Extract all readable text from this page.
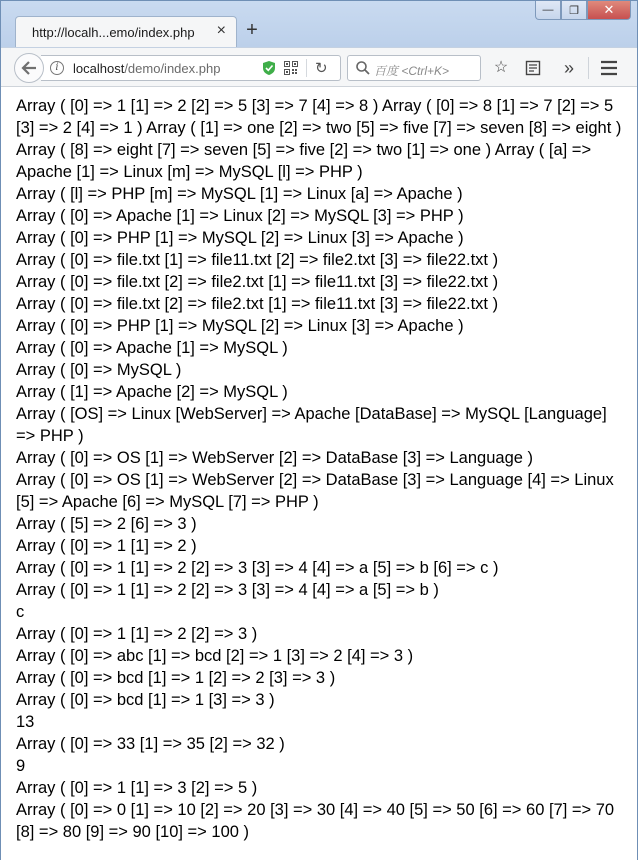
http://localh...emo/index.php × +
—	❐	✕
i	localhost/demo/index.php	↻	百度 <Ctrl+K>	☆	»
Array ( [0] => 1 [1] => 2 [2] => 5 [3] => 7 [4] => 8 ) Array ( [0] => 8 [1] => 7 [2] => 5 [3] => 2 [4] => 1 ) Array ( [1] => one [2] => two [5] => five [7] => seven [8] => eight ) Array ( [8] => eight [7] => seven [5] => five [2] => two [1] => one ) Array ( [a] => Apache [1] => Linux [m] => MySQL [l] => PHP )
Array ( [l] => PHP [m] => MySQL [1] => Linux [a] => Apache )
Array ( [0] => Apache [1] => Linux [2] => MySQL [3] => PHP )
Array ( [0] => PHP [1] => MySQL [2] => Linux [3] => Apache )
Array ( [0] => file.txt [1] => file11.txt [2] => file2.txt [3] => file22.txt )
Array ( [0] => file.txt [2] => file2.txt [1] => file11.txt [3] => file22.txt )
Array ( [0] => file.txt [2] => file2.txt [1] => file11.txt [3] => file22.txt )
Array ( [0] => PHP [1] => MySQL [2] => Linux [3] => Apache )
Array ( [0] => Apache [1] => MySQL )
Array ( [0] => MySQL )
Array ( [1] => Apache [2] => MySQL )
Array ( [OS] => Linux [WebServer] => Apache [DataBase] => MySQL [Language] => PHP )
Array ( [0] => OS [1] => WebServer [2] => DataBase [3] => Language )
Array ( [0] => OS [1] => WebServer [2] => DataBase [3] => Language [4] => Linux [5] => Apache [6] => MySQL [7] => PHP )
Array ( [5] => 2 [6] => 3 )
Array ( [0] => 1 [1] => 2 )
Array ( [0] => 1 [1] => 2 [2] => 3 [3] => 4 [4] => a [5] => b [6] => c )
Array ( [0] => 1 [1] => 2 [2] => 3 [3] => 4 [4] => a [5] => b )
c
Array ( [0] => 1 [1] => 2 [2] => 3 )
Array ( [0] => abc [1] => bcd [2] => 1 [3] => 2 [4] => 3 )
Array ( [0] => bcd [1] => 1 [2] => 2 [3] => 3 )
Array ( [0] => bcd [1] => 1 [3] => 3 )
13
Array ( [0] => 33 [1] => 35 [2] => 32 )
9
Array ( [0] => 1 [1] => 3 [2] => 5 )
Array ( [0] => 0 [1] => 10 [2] => 20 [3] => 30 [4] => 40 [5] => 50 [6] => 60 [7] => 70 [8] => 80 [9] => 90 [10] => 100 )
